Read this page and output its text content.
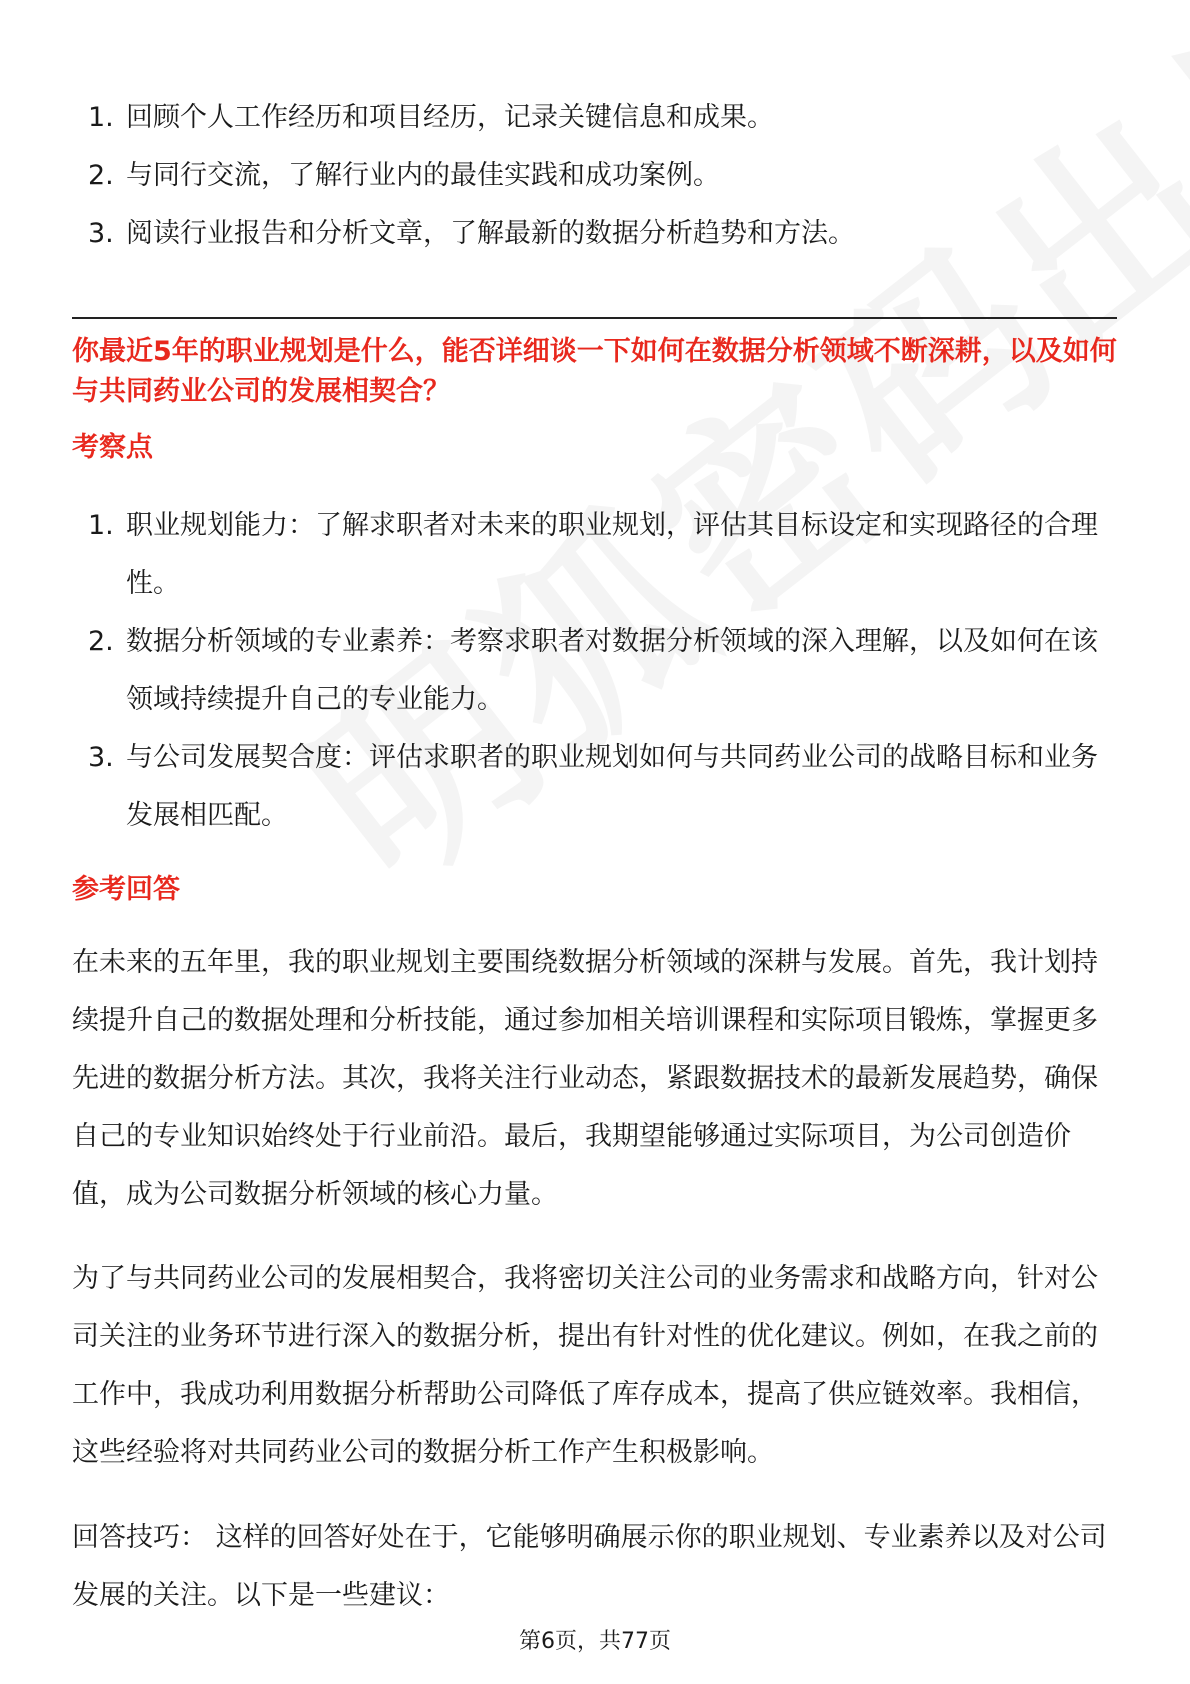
1. 回顾个人工作经历和项目经历，记录关键信息和成果。
2. 与同行交流，了解行业内的最佳实践和成功案例。
3. 阅读行业报告和分析文章，了解最新的数据分析趋势和方法。
你最近5年的职业规划是什么，能否详细谈一下如何在数据分析领域不断深耕，以及如何与共同药业公司的发展相契合？
考察点
1. 职业规划能力：了解求职者对未来的职业规划，评估其目标设定和实现路径的合理性。
2. 数据分析领域的专业素养：考察求职者对数据分析领域的深入理解，以及如何在该领域持续提升自己的专业能力。
3. 与公司发展契合度：评估求职者的职业规划如何与共同药业公司的战略目标和业务发展相匹配。
参考回答

在未来的五年里，我的职业规划主要围绕数据分析领域的深耕与发展。首先，我计划持续提升自己的数据处理和分析技能，通过参加相关培训课程和实际项目锻炼，掌握更多先进的数据分析方法。其次，我将关注行业动态，紧跟数据技术的最新发展趋势，确保自己的专业知识始终处于行业前沿。最后，我期望能够通过实际项目，为公司创造价值，成为公司数据分析领域的核心力量。

为了与共同药业公司的发展相契合，我将密切关注公司的业务需求和战略方向，针对公司关注的业务环节进行深入的数据分析，提出有针对性的优化建议。例如，在我之前的工作中，我成功利用数据分析帮助公司降低了库存成本，提高了供应链效率。我相信，这些经验将对共同药业公司的数据分析工作产生积极影响。

回答技巧： 这样的回答好处在于，它能够明确展示你的职业规划、专业素养以及对公司发展的关注。以下是一些建议：

第6页，共77页
